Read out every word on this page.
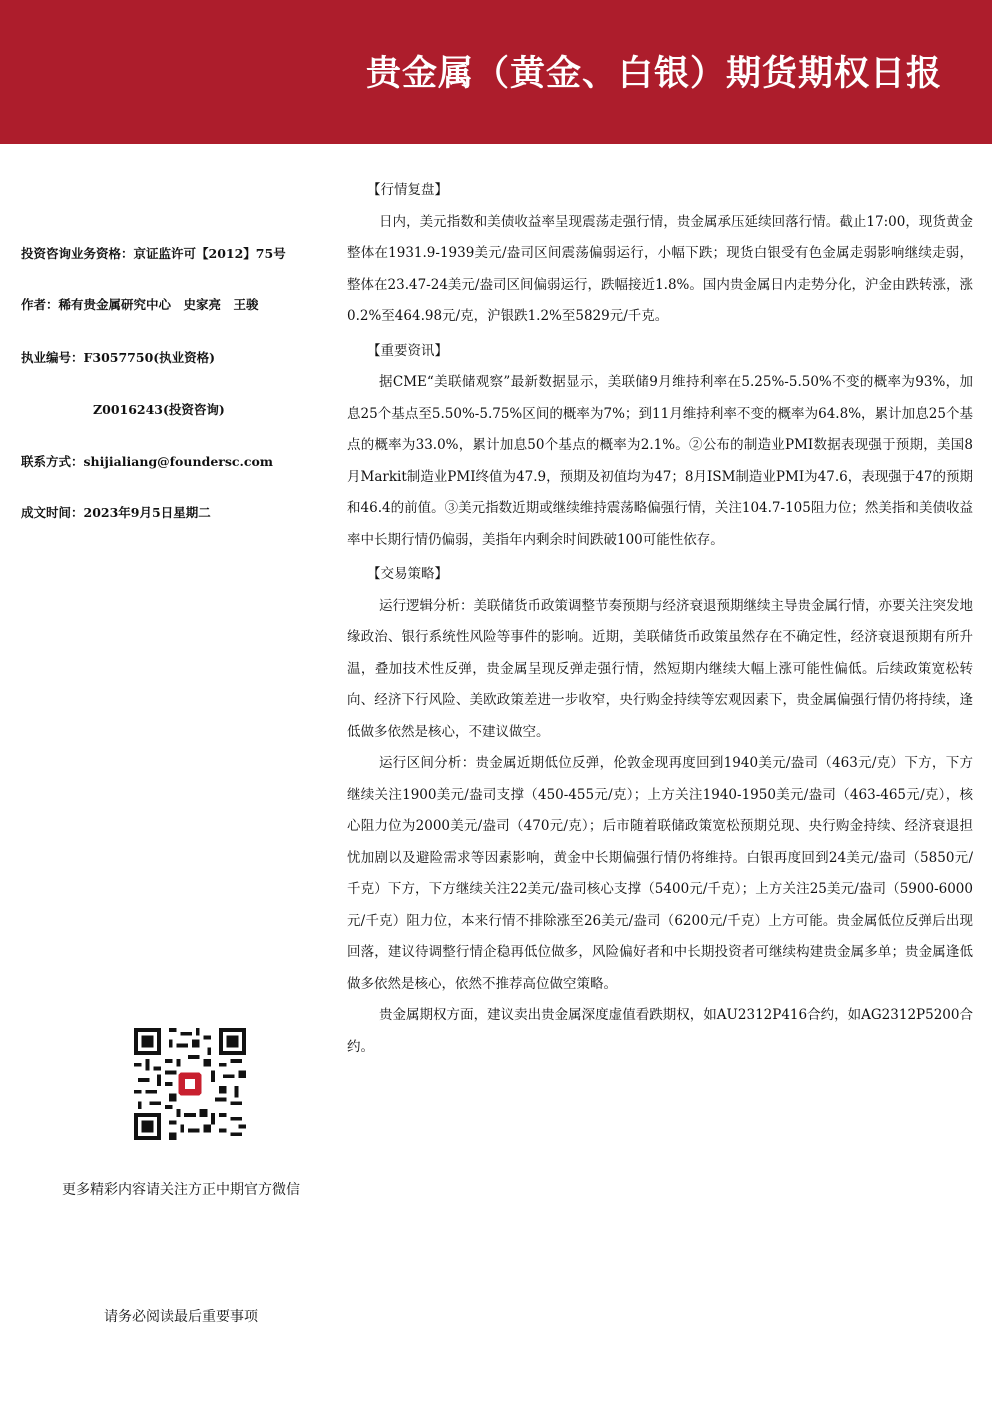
贵金属（黄金、白银）期货期权日报
投资咨询业务资格：京证监许可【2012】75号
作者：稀有贵金属研究中心　史家亮　王骏
执业编号：F3057750(执业资格)
Z0016243(投资咨询)
联系方式：shijialiang@foundersc.com
成文时间：2023年9月5日星期二
更多精彩内容请关注方正中期官方微信
请务必阅读最后重要事项
【行情复盘】

日内，美元指数和美债收益率呈现震荡走强行情，贵金属承压延续回落行情。截止17:00，现货黄金整体在1931.9-1939美元/盎司区间震荡偏弱运行，小幅下跌；现货白银受有色金属走弱影响继续走弱，整体在23.47-24美元/盎司区间偏弱运行，跌幅接近1.8%。国内贵金属日内走势分化，沪金由跌转涨，涨0.2%至464.98元/克，沪银跌1.2%至5829元/千克。

【重要资讯】

据CME“美联储观察”最新数据显示，美联储9月维持利率在5.25%-5.50%不变的概率为93%，加息25个基点至5.50%-5.75%区间的概率为7%；到11月维持利率不变的概率为64.8%，累计加息25个基点的概率为33.0%，累计加息50个基点的概率为2.1%。②公布的制造业PMI数据表现强于预期，美国8月Markit制造业PMI终值为47.9，预期及初值均为47；8月ISM制造业PMI为47.6，表现强于47的预期和46.4的前值。③美元指数近期或继续维持震荡略偏强行情，关注104.7-105阻力位；然美指和美债收益率中长期行情仍偏弱，美指年内剩余时间跌破100可能性依存。

【交易策略】

运行逻辑分析：美联储货币政策调整节奏预期与经济衰退预期继续主导贵金属行情，亦要关注突发地缘政治、银行系统性风险等事件的影响。近期，美联储货币政策虽然存在不确定性，经济衰退预期有所升温，叠加技术性反弹，贵金属呈现反弹走强行情，然短期内继续大幅上涨可能性偏低。后续政策宽松转向、经济下行风险、美欧政策差进一步收窄，央行购金持续等宏观因素下，贵金属偏强行情仍将持续，逢低做多依然是核心，不建议做空。

运行区间分析：贵金属近期低位反弹，伦敦金现再度回到1940美元/盎司（463元/克）下方，下方继续关注1900美元/盎司支撑（450-455元/克）；上方关注1940-1950美元/盎司（463-465元/克），核心阻力位为2000美元/盎司（470元/克）；后市随着联储政策宽松预期兑现、央行购金持续、经济衰退担忧加剧以及避险需求等因素影响，黄金中长期偏强行情仍将维持。白银再度回到24美元/盎司（5850元/千克）下方，下方继续关注22美元/盎司核心支撑（5400元/千克）；上方关注25美元/盎司（5900-6000元/千克）阻力位，本来行情不排除涨至26美元/盎司（6200元/千克）上方可能。贵金属低位反弹后出现回落，建议待调整行情企稳再低位做多，风险偏好者和中长期投资者可继续构建贵金属多单；贵金属逢低做多依然是核心，依然不推荐高位做空策略。

贵金属期权方面，建议卖出贵金属深度虚值看跌期权，如AU2312P416合约，如AG2312P5200合约。
